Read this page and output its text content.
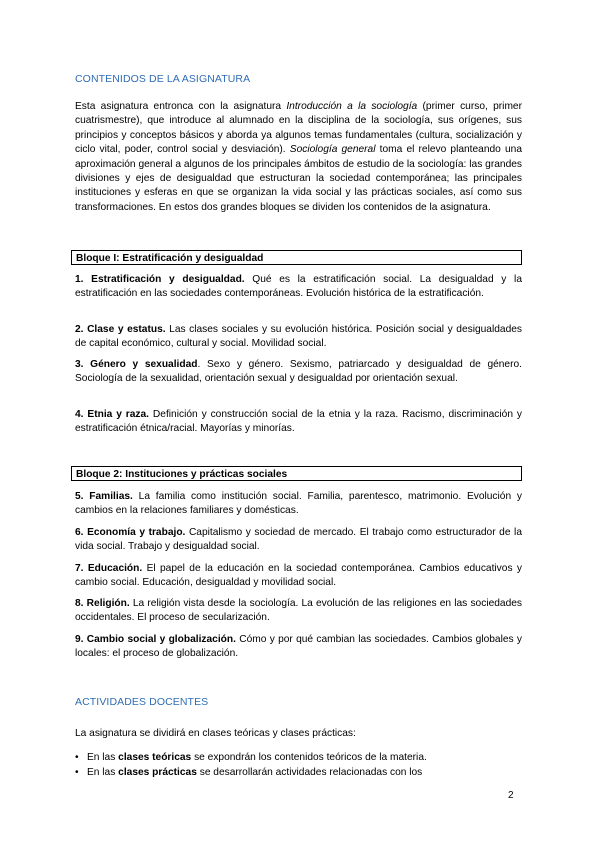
CONTENIDOS DE LA ASIGNATURA

Esta asignatura entronca con la asignatura Introducción a la sociología (primer curso, primer cuatrismestre), que introduce al alumnado en la disciplina de la sociología, sus orígenes, sus principios y conceptos básicos y aborda ya algunos temas fundamentales (cultura, socialización y ciclo vital, poder, control social y desviación). Sociología general toma el relevo planteando una aproximación general a algunos de los principales ámbitos de estudio de la sociología: las grandes divisiones y ejes de desigualdad que estructuran la sociedad contemporánea; las principales instituciones y esferas en que se organizan la vida social y las prácticas sociales, así como sus transformaciones. En estos dos grandes bloques se dividen los contenidos de la asignatura.

Bloque I: Estratificación y desigualdad

1. Estratificación y desigualdad. Qué es la estratificación social. La desigualdad y la estratificación en las sociedades contemporáneas. Evolución histórica de la estratificación.

2. Clase y estatus. Las clases sociales y su evolución histórica. Posición social y desigualdades de capital económico, cultural y social. Movilidad social.

3. Género y sexualidad. Sexo y género. Sexismo, patriarcado y desigualdad de género. Sociología de la sexualidad, orientación sexual y desigualdad por orientación sexual.

4. Etnia y raza. Definición y construcción social de la etnia y la raza. Racismo, discriminación y estratificación étnica/racial. Mayorías y minorías.

Bloque 2: Instituciones y prácticas sociales

5. Familias. La familia como institución social. Familia, parentesco, matrimonio. Evolución y cambios en la relaciones familiares y domésticas.

6. Economía y trabajo. Capitalismo y sociedad de mercado. El trabajo como estructurador de la vida social. Trabajo y desigualdad social.

7. Educación. El papel de la educación en la sociedad contemporánea. Cambios educativos y cambio social. Educación, desigualdad y movilidad social.

8. Religión. La religión vista desde la sociología. La evolución de las religiones en las sociedades occidentales. El proceso de secularización.

9. Cambio social y globalización. Cómo y por qué cambian las sociedades. Cambios globales y locales: el proceso de globalización.

ACTIVIDADES DOCENTES

La asignatura se dividirá en clases teóricas y clases prácticas:

• En las clases teóricas se expondrán los contenidos teóricos de la materia.
• En las clases prácticas se desarrollarán actividades relacionadas con los
2
